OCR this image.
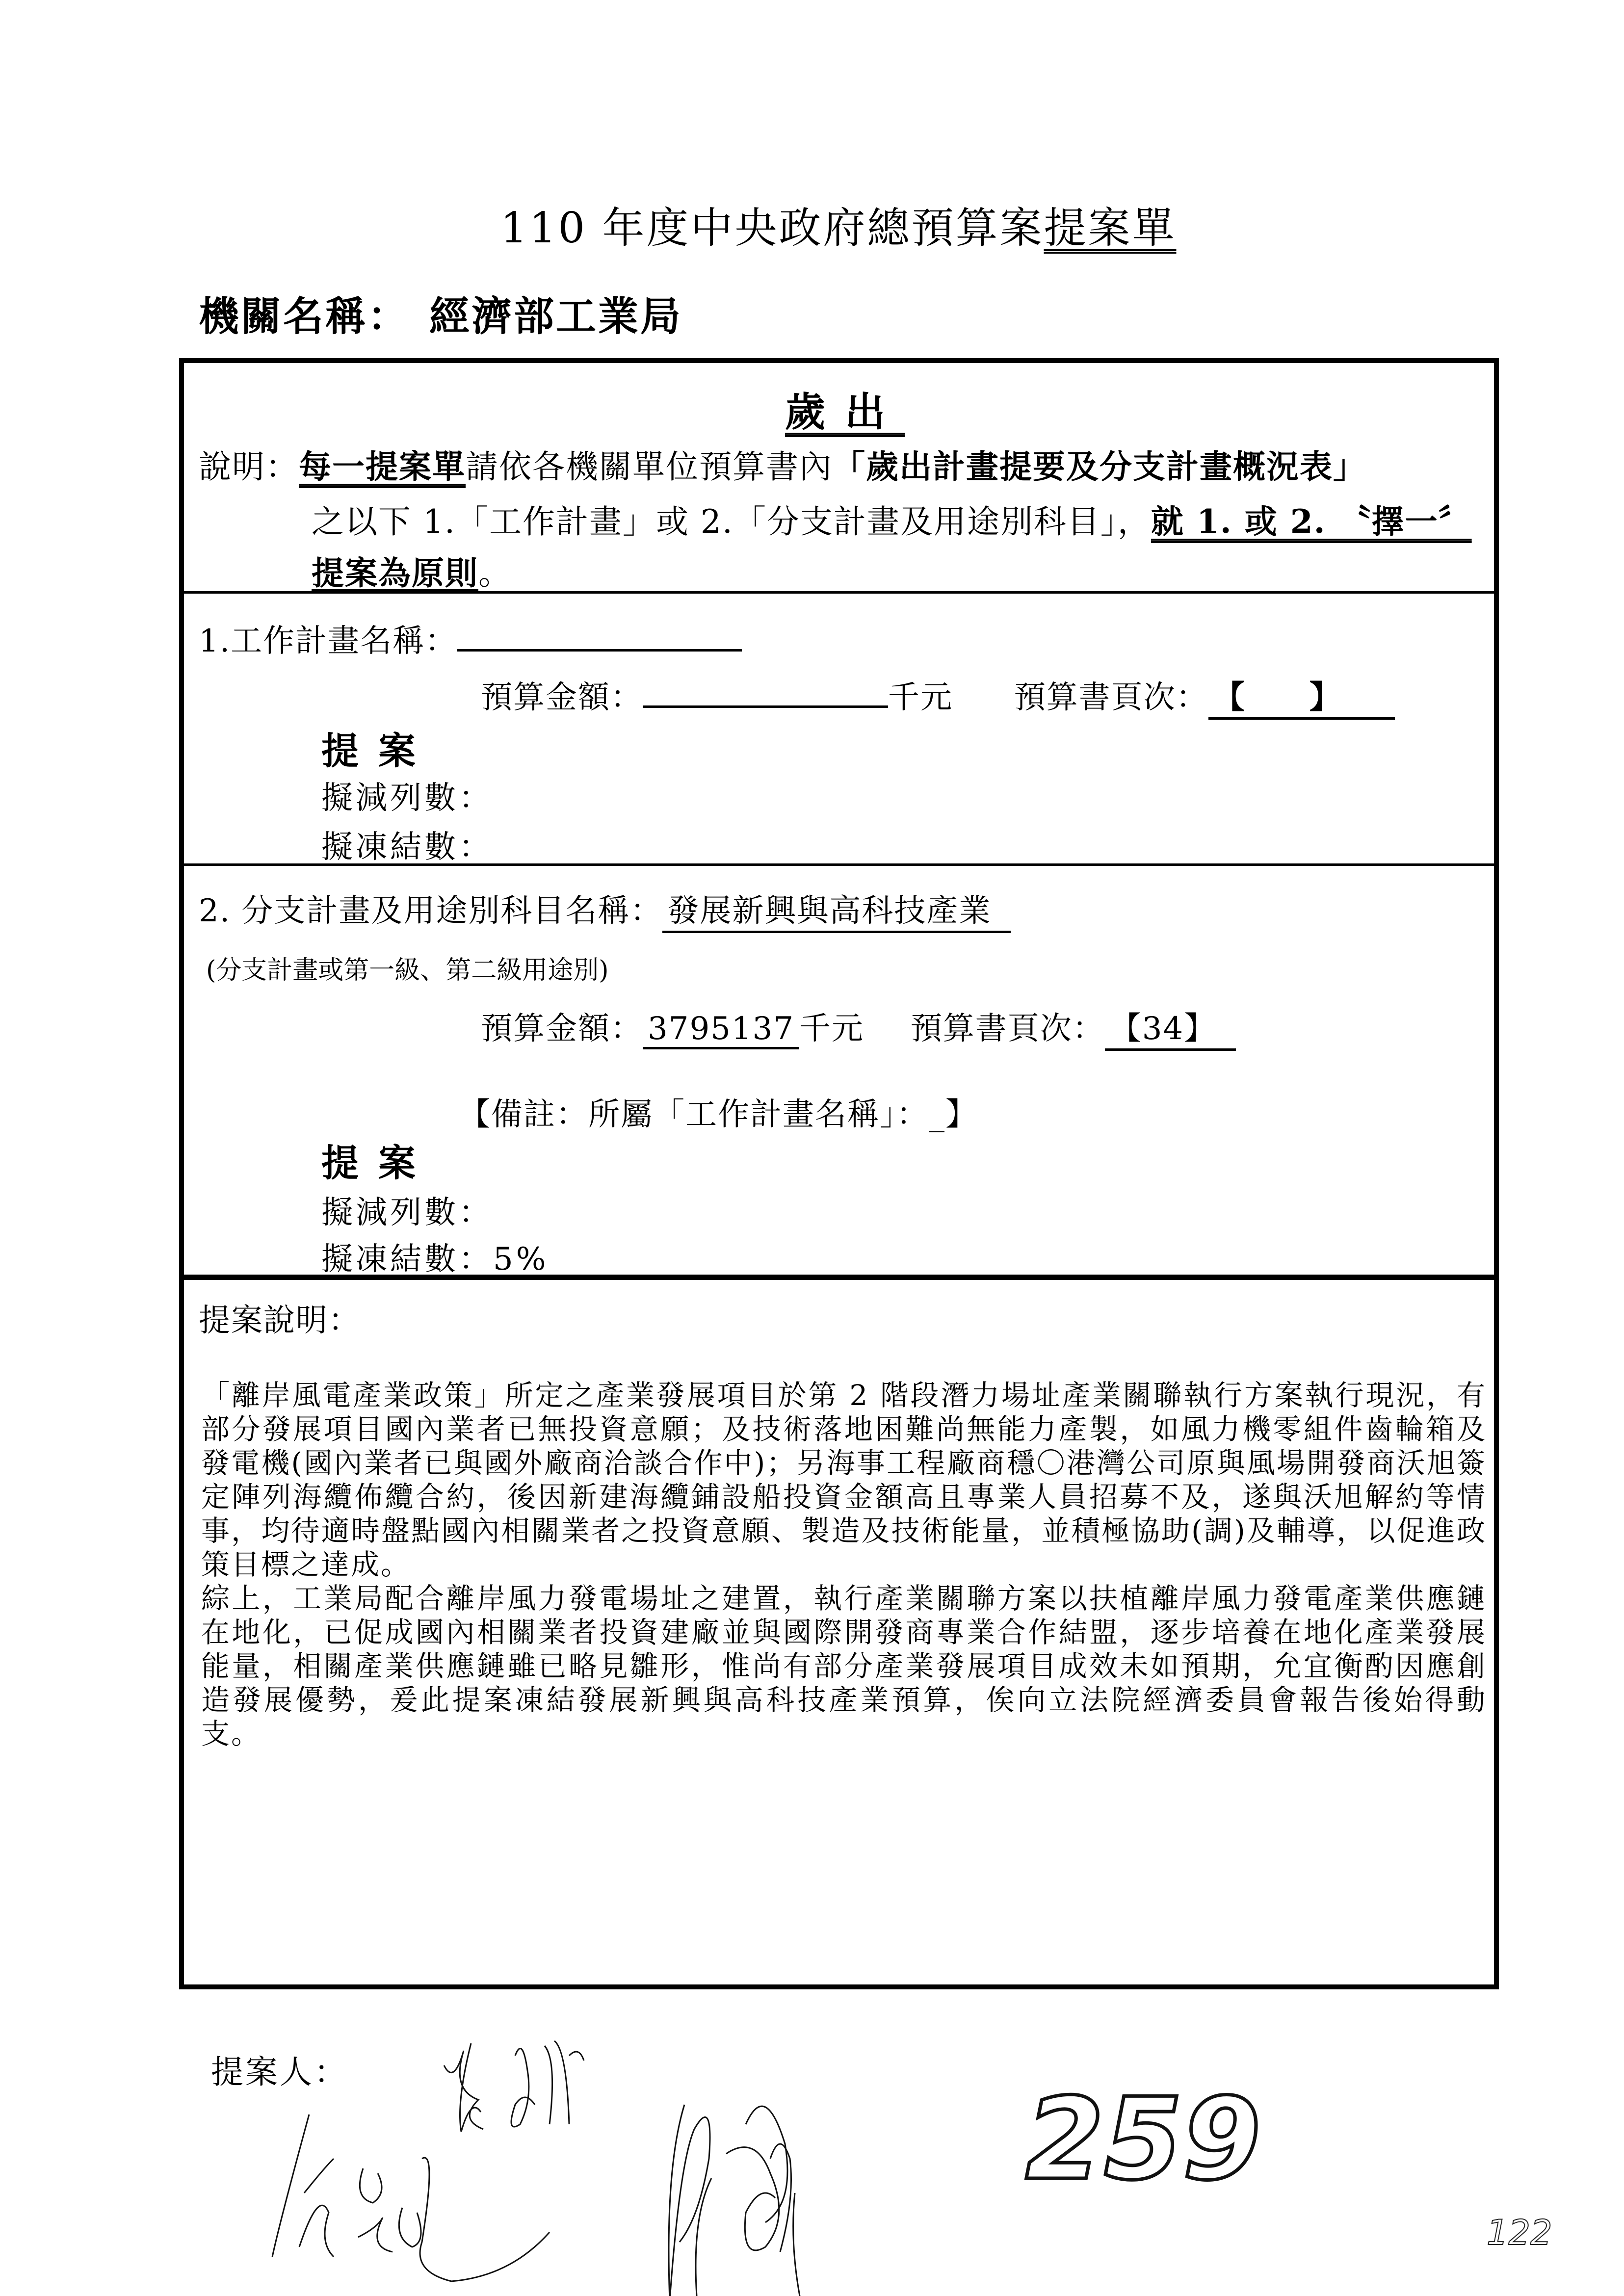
110 年度中央政府總預算案提案單
機關名稱： 經濟部工業局
歲出
說明：每一提案單請依各機關單位預算書內「歲出計畫提要及分支計畫概況表」
之以下 1.「工作計畫」或 2.「分支計畫及用途別科目」，就 1. 或 2. 〝擇一〞
提案為原則。
1.工作計畫名稱：
預算金額：	千元 預算書頁次： 【 】
提案
擬減列數：
擬凍結數：
2. 分支計畫及用途別科目名稱： 發展新興與高科技產業
(分支計畫或第一級、第二級用途別)
預算金額： 3795137 千元 預算書頁次： 【34】
【備註：所屬「工作計畫名稱」：_】
提案
擬減列數：
擬凍結數：5%
提案說明：

「離岸風電產業政策」所定之產業發展項目於第 2 階段潛力場址產業關聯執行方案執行現況，有部分發展項目國內業者已無投資意願；及技術落地困難尚無能力產製，如風力機零組件齒輪箱及發電機(國內業者已與國外廠商洽談合作中)；另海事工程廠商穩〇港灣公司原與風場開發商沃旭簽定陣列海纜佈纜合約，後因新建海纜鋪設船投資金額高且專業人員招募不及，遂與沃旭解約等情事，均待適時盤點國內相關業者之投資意願、製造及技術能量，並積極協助(調)及輔導，以促進政策目標之達成。

綜上，工業局配合離岸風力發電場址之建置，執行產業關聯方案以扶植離岸風力發電產業供應鏈在地化，已促成國內相關業者投資建廠並與國際開發商專業合作結盟，逐步培養在地化產業發展能量，相關產業供應鏈雖已略見雛形，惟尚有部分產業發展項目成效未如預期，允宜衡酌因應創造發展優勢，爰此提案凍結發展新興與高科技產業預算，俟向立法院經濟委員會報告後始得動支。

提案人：
259
122
